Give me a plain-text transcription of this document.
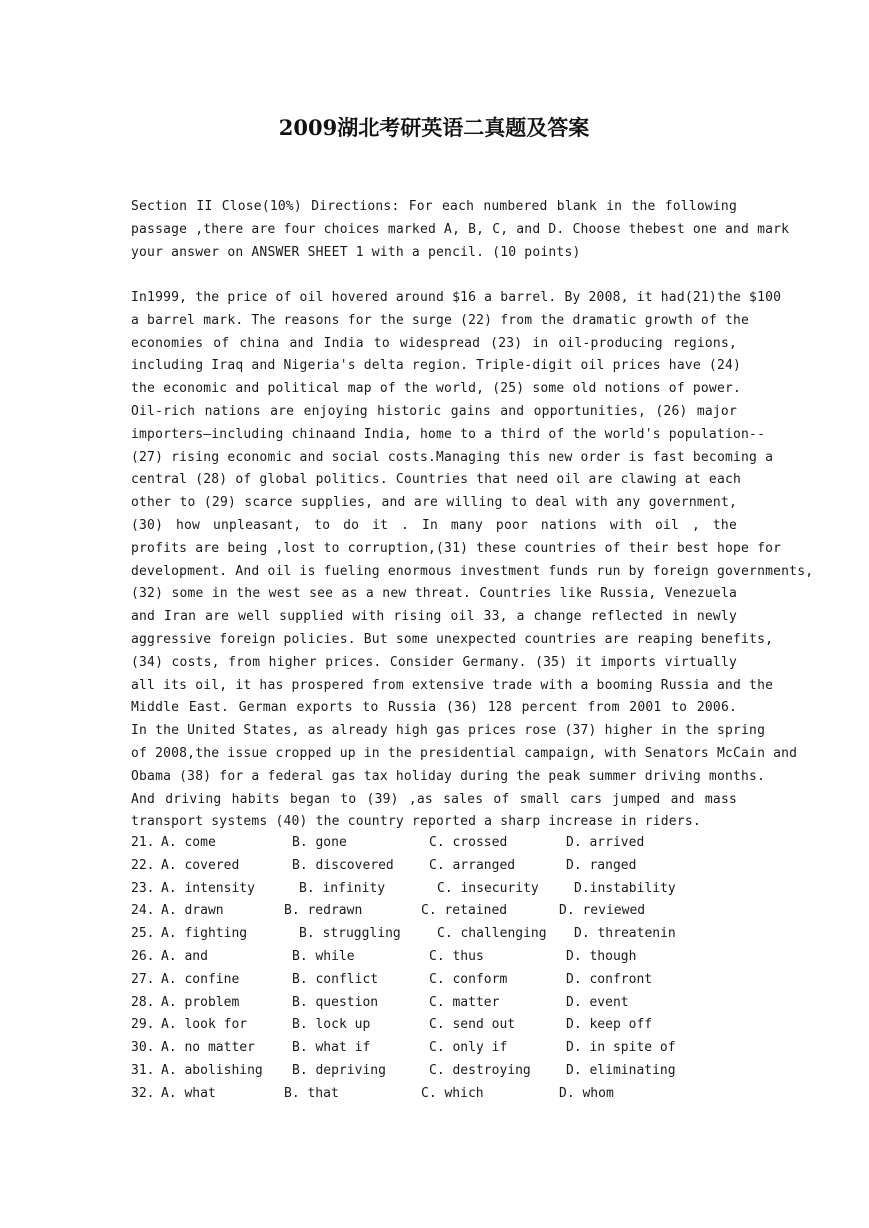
2009湖北考研英语二真题及答案
Section II Close(10%) Directions: For each numbered blank in the following
passage ,there are four choices marked A, B, C, and D. Choose thebest one and mark
your answer on ANSWER SHEET 1 with a pencil. (10 points)
In1999, the price of oil hovered around $16 a barrel. By 2008, it had(21)the $100
a barrel mark. The reasons for the surge (22) from the dramatic growth of the
economies of china and India to widespread (23) in oil-producing regions,
including Iraq and Nigeria's delta region. Triple-digit oil prices have (24)
the economic and political map of the world, (25) some old notions of power.
Oil-rich nations are enjoying historic gains and opportunities, (26) major
importers—including chinaand India, home to a third of the world's population--
(27) rising economic and social costs.Managing this new order is fast becoming a
central (28) of global politics. Countries that need oil are clawing at each
other to (29) scarce supplies, and are willing to deal with any government,
(30) how unpleasant, to do it . In many poor nations with oil , the
profits are being ,lost to corruption,(31) these countries of their best hope for
development. And oil is fueling enormous investment funds run by foreign governments,
(32) some in the west see as a new threat. Countries like Russia, Venezuela
and Iran are well supplied with rising oil 33, a change reflected in newly
aggressive foreign policies. But some unexpected countries are reaping benefits,
(34) costs, from higher prices. Consider Germany. (35) it imports virtually
all its oil, it has prospered from extensive trade with a booming Russia and the
Middle East. German exports to Russia (36) 128 percent from 2001 to 2006.
In the United States, as already high gas prices rose (37) higher in the spring
of 2008,the issue cropped up in the presidential campaign, with Senators McCain and
Obama (38) for a federal gas tax holiday during the peak summer driving months.
And driving habits began to (39) ,as sales of small cars jumped and mass
transport systems (40) the country reported a sharp increase in riders.
21. A. come	B. gone	C. crossed	D. arrived
22. A. covered	B. discovered	C. arranged	D. ranged
23. A. intensity	B. infinity	C. insecurity	D.instability
24. A. drawn	B. redrawn	C. retained	D. reviewed
25. A. fighting	B. struggling	C. challenging D. threatenin
26. A. and	B. while	C. thus	D. though
27. A. confine	B. conflict	C. conform	D. confront
28. A. problem	B. question	C. matter	D. event
29. A. look for	B. lock up	C. send out	D. keep off
30. A. no matter	B. what if	C. only if	D. in spite of
31. A. abolishing B. depriving	C. destroying	D. eliminating
32. A. what	B. that	C. which	D. whom
